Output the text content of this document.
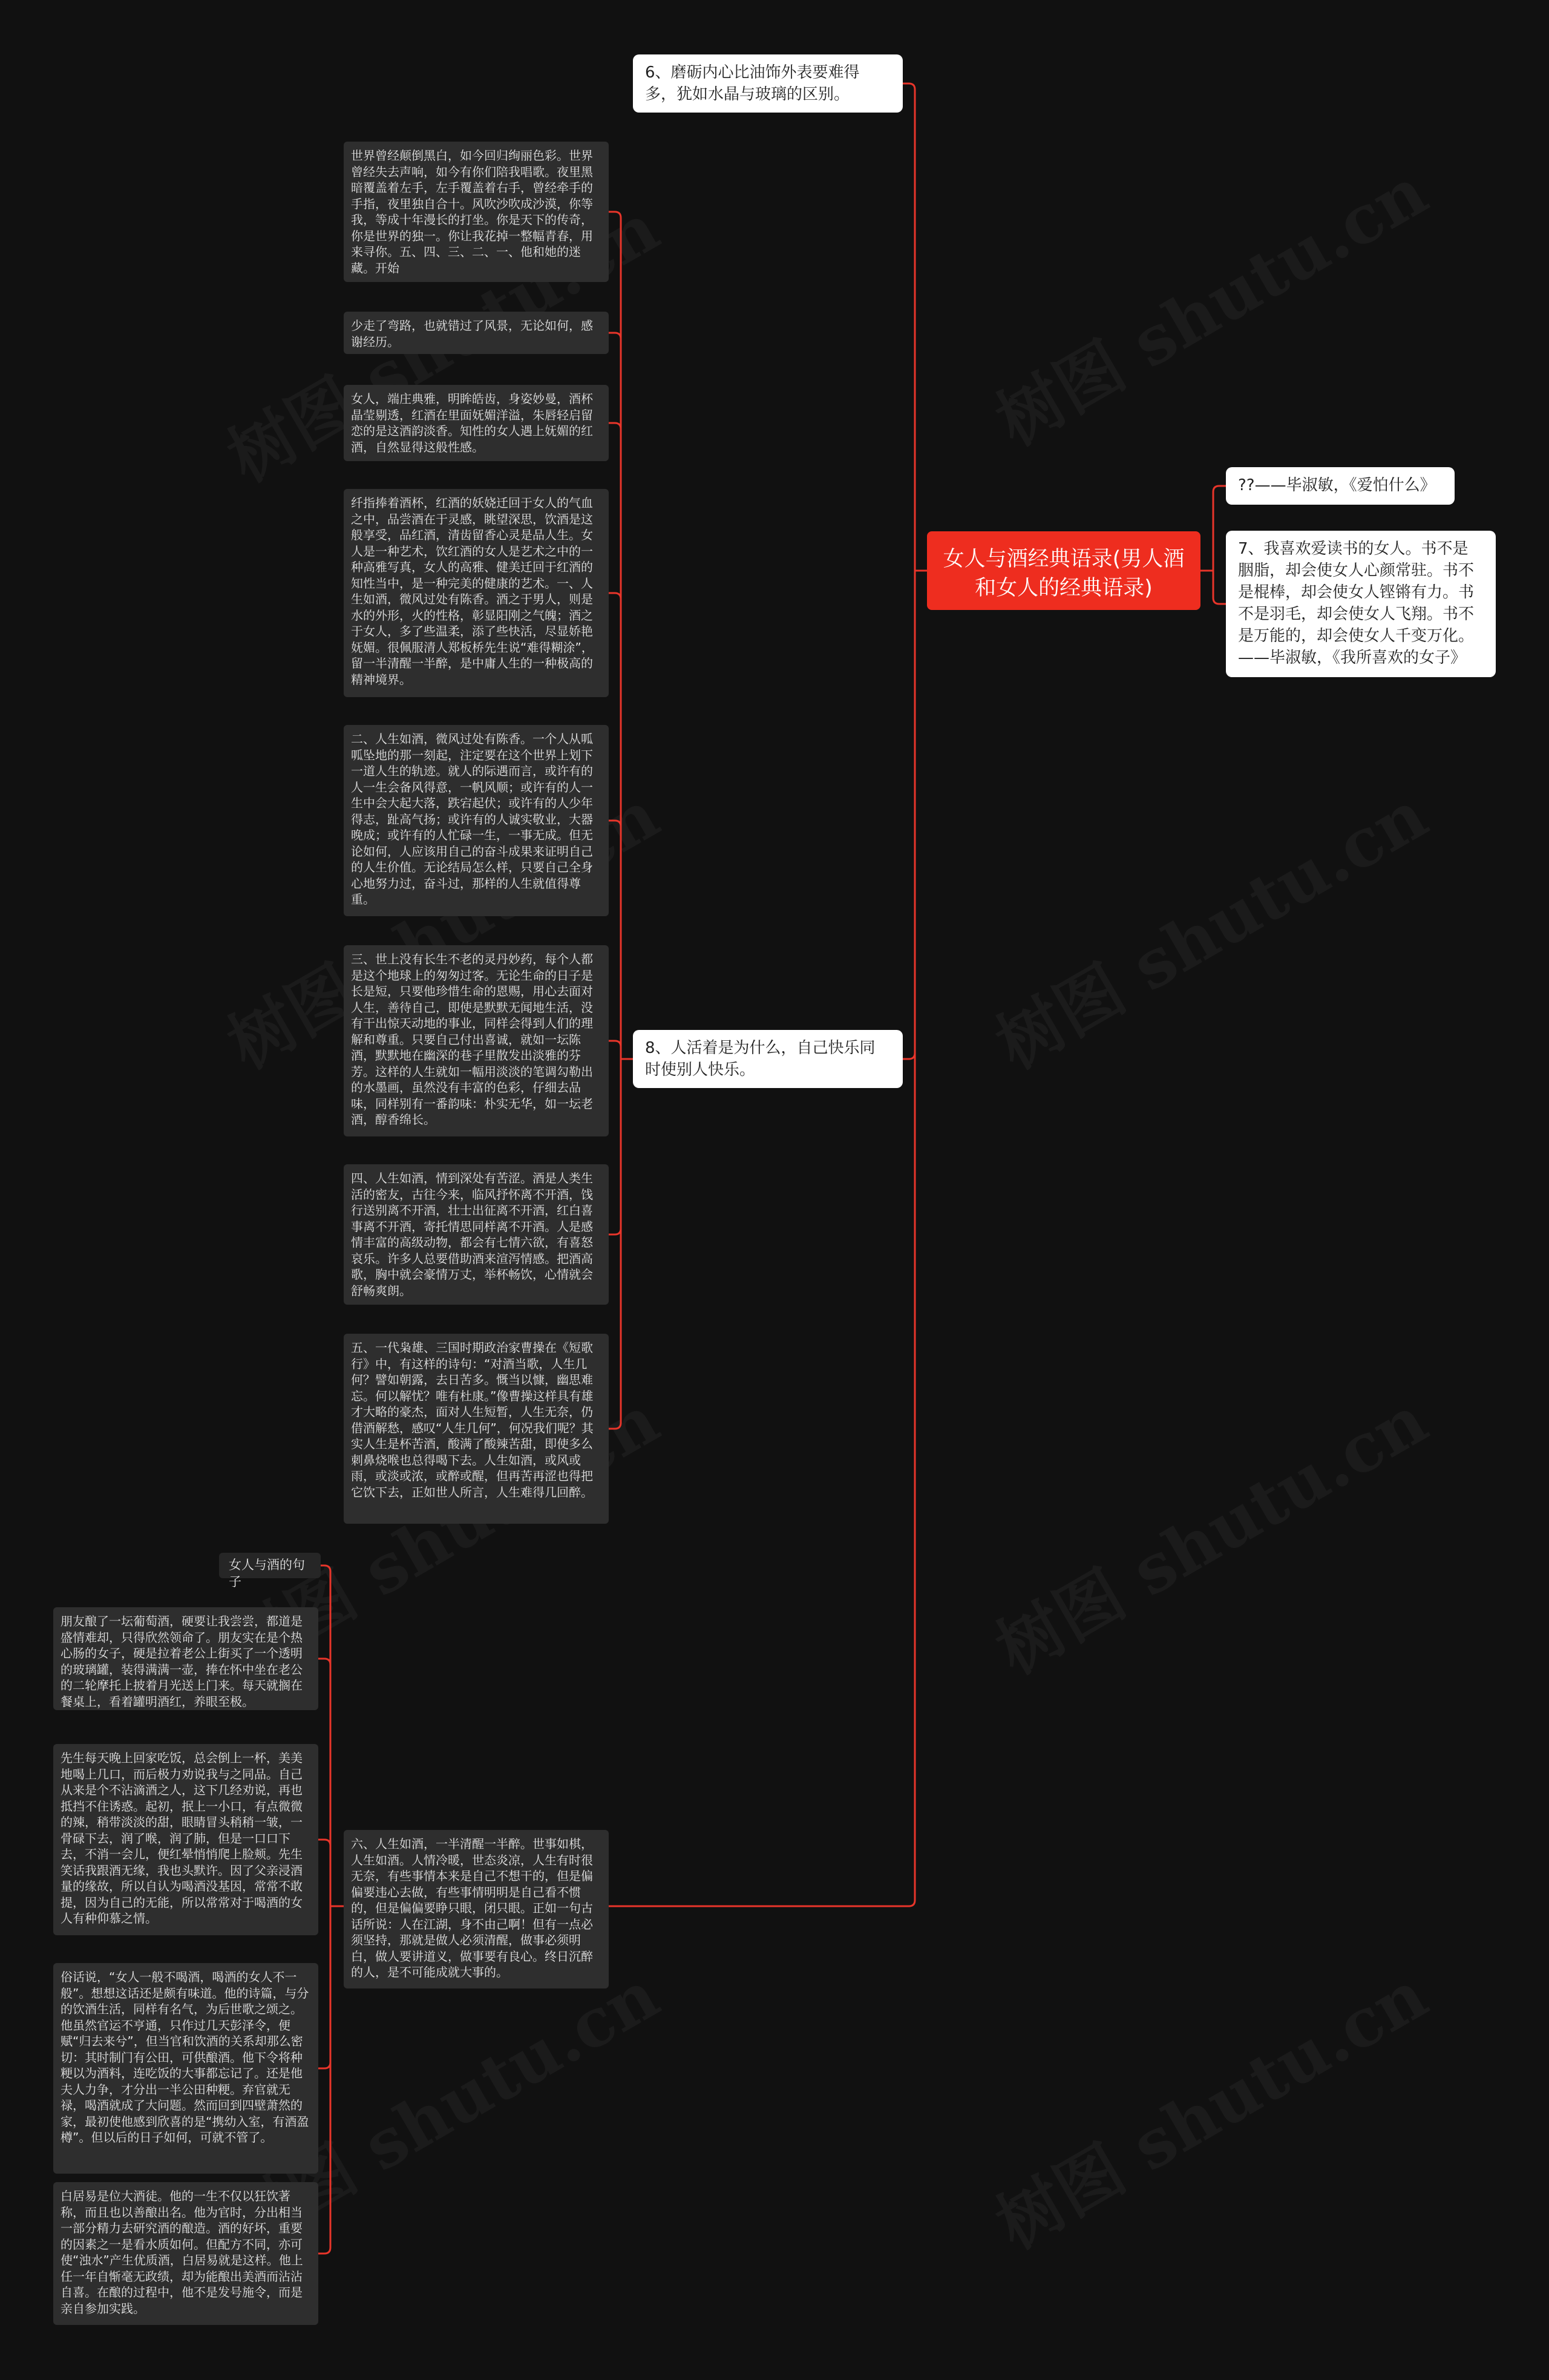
女人与酒经典语录(男人酒和女人的经典语录)
??——毕淑敏，《爱怕什么》
7、我喜欢爱读书的女人。书不是胭脂，却会使女人心颜常驻。书不是棍棒，却会使女人铿锵有力。书不是羽毛，却会使女人飞翔。书不是万能的，却会使女人千变万化。——毕淑敏，《我所喜欢的女子》
6、磨砺内心比油饰外表要难得多，犹如水晶与玻璃的区别。
8、人活着是为什么，自己快乐同时使别人快乐。
六、人生如酒，一半清醒一半醉。世事如棋，人生如酒。人情冷暖，世态炎凉，人生有时很无奈，有些事情本来是自己不想干的，但是偏偏要违心去做，有些事情明明是自己看不惯的，但是偏偏要睁只眼，闭只眼。正如一句古话所说：人在江湖，身不由己啊！但有一点必须坚持，那就是做人必须清醒，做事必须明白，做人要讲道义，做事要有良心。终日沉醉的人，是不可能成就大事的。
世界曾经颠倒黑白，如今回归绚丽色彩。世界曾经失去声响，如今有你们陪我唱歌。夜里黑暗覆盖着左手，左手覆盖着右手，曾经牵手的手指，夜里独自合十。风吹沙吹成沙漠，你等我，等成十年漫长的打坐。你是天下的传奇，你是世界的独一。你让我花掉一整幅青春，用来寻你。五、四、三、二、一、他和她的迷藏。开始
少走了弯路，也就错过了风景，无论如何，感谢经历。
女人，端庄典雅，明眸皓齿，身姿妙曼，酒杯晶莹剔透，红酒在里面妩媚洋溢，朱唇轻启留恋的是这酒韵淡香。知性的女人遇上妩媚的红酒，自然显得这般性感。
纤指捧着酒杯，红酒的妖娆迁回于女人的气血之中，品尝酒在于灵感，眺望深思，饮酒是这般享受，品红酒，清齿留香心灵是品人生。女人是一种艺术，饮红酒的女人是艺术之中的一种高雅写真，女人的高雅、健美迁回于红酒的知性当中，是一种完美的健康的艺术。一、人生如酒，微风过处有陈香。酒之于男人，则是水的外形，火的性格，彰显阳刚之气魄；酒之于女人，多了些温柔，添了些快活，尽显娇艳妩媚。很佩服清人郑板桥先生说“难得糊涂”，留一半清醒一半醉，是中庸人生的一种极高的精神境界。
二、人生如酒，微风过处有陈香。一个人从呱呱坠地的那一刻起，注定要在这个世界上划下一道人生的轨迹。就人的际遇而言，或许有的人一生会备风得意，一帆风顺；或许有的人一生中会大起大落，跌宕起伏；或许有的人少年得志，趾高气扬；或许有的人诚实敬业，大器晚成；或许有的人忙碌一生，一事无成。但无论如何，人应该用自己的奋斗成果来证明自己的人生价值。无论结局怎么样，只要自己全身心地努力过，奋斗过，那样的人生就值得尊重。
三、世上没有长生不老的灵丹妙药，每个人都是这个地球上的匆匆过客。无论生命的日子是长是短，只要他珍惜生命的恩赐，用心去面对人生，善待自己，即使是默默无闻地生活，没有干出惊天动地的事业，同样会得到人们的理解和尊重。只要自己付出喜诚，就如一坛陈酒，默默地在幽深的巷子里散发出淡雅的芬芳。这样的人生就如一幅用淡淡的笔调勾勒出的水墨画，虽然没有丰富的色彩，仔细去品味，同样别有一番韵味：朴实无华，如一坛老酒，醇香绵长。
四、人生如酒，情到深处有苦涩。酒是人类生活的密友，古往今来，临风抒怀离不开酒，饯行送别离不开酒，壮士出征离不开酒，红白喜事离不开酒，寄托情思同样离不开酒。人是感情丰富的高级动物，都会有七情六欲，有喜怒哀乐。许多人总要借助酒来渲泻情感。把酒高歌，胸中就会豪情万丈，举杯畅饮，心情就会舒畅爽朗。
五、一代枭雄、三国时期政治家曹操在《短歌行》中，有这样的诗句：“对酒当歌，人生几何？譬如朝露，去日苦多。慨当以慷，幽思难忘。何以解忧？唯有杜康。”像曹操这样具有雄才大略的豪杰，面对人生短暂，人生无奈，仍借酒解愁，感叹“人生几何”，何况我们呢？其实人生是杯苦酒，酸满了酸辣苦甜，即使多么刺鼻烧喉也总得喝下去。人生如酒，或风或雨，或淡或浓，或醉或醒，但再苦再涩也得把它饮下去，正如世人所言，人生难得几回醉。
女人与酒的句子
朋友酿了一坛葡萄酒，硬要让我尝尝，都道是盛情难却，只得欣然领命了。朋友实在是个热心肠的女子，硬是拉着老公上街买了一个透明的玻璃罐，装得满满一壶，捧在怀中坐在老公的二轮摩托上披着月光送上门来。每天就搁在餐桌上，看着罐明酒红，养眼至极。
先生每天晚上回家吃饭，总会倒上一杯，美美地喝上几口，而后极力劝说我与之同品。自己从来是个不沾滴酒之人，这下几经劝说，再也抵挡不住诱惑。起初，抿上一小口，有点微微的辣，稍带淡淡的甜，眼睛冒头稍稍一皱，一骨碌下去，润了喉，润了肺，但是一口口下去，不消一会儿，便红晕悄悄爬上脸颊。先生笑话我跟酒无缘，我也头默许。因了父亲浸酒量的缘故，所以自认为喝酒没基因，常常不敢提，因为自己的无能，所以常常对于喝酒的女人有种仰慕之情。
俗话说，“女人一般不喝酒，喝酒的女人不一般”。想想这话还是颇有味道。他的诗篇，与分的饮酒生活，同样有名气，为后世歌之颂之。他虽然官运不亨通，只作过几天彭泽令，便赋“归去来兮”，但当官和饮酒的关系却那么密切：其时制门有公田，可供酿酒。他下令将种粳以为酒料，连吃饭的大事都忘记了。还是他夫人力争，才分出一半公田种粳。弃官就无禄，喝酒就成了大问题。然而回到四壁萧然的家，最初使他感到欣喜的是“携幼入室，有酒盈樽”。但以后的日子如何，可就不管了。
白居易是位大酒徒。他的一生不仅以狂饮著称，而且也以善酿出名。他为官时，分出相当一部分精力去研究酒的酿造。酒的好坏，重要的因素之一是看水质如何。但配方不同，亦可使“浊水”产生优质酒，白居易就是这样。他上任一年自惭毫无政绩，却为能酿出美酒而沾沾自喜。在酿的过程中，他不是发号施令，而是亲自参加实践。
